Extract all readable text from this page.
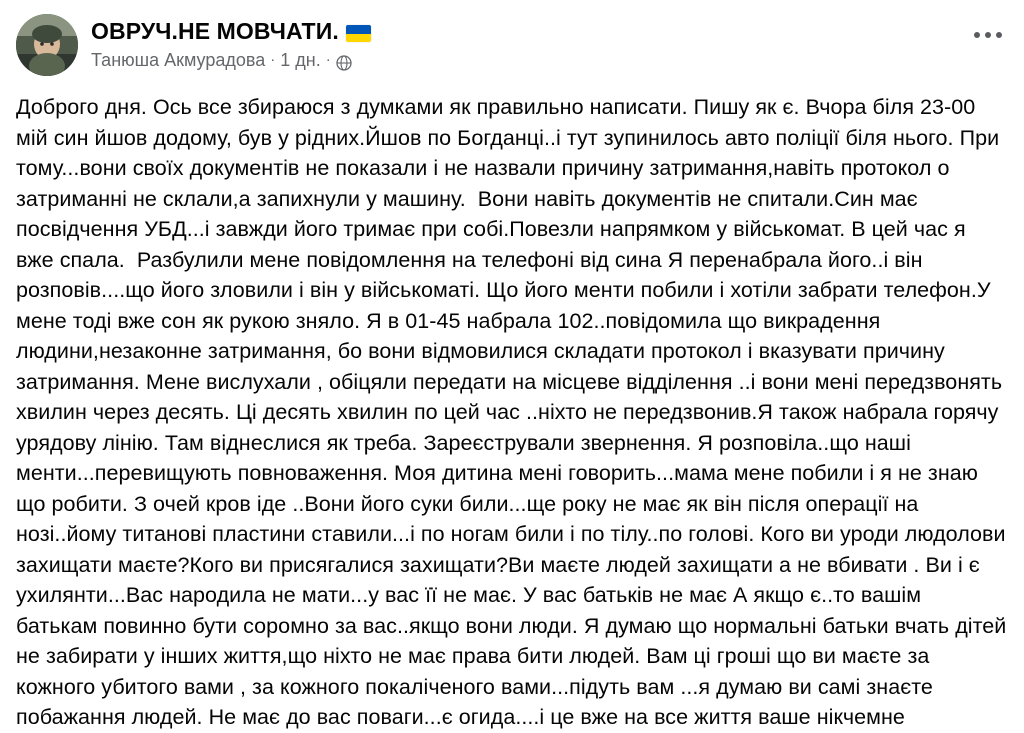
ОВРУЧ.НЕ МОВЧАТИ.
Танюша Акмурадова · 1 дн. ·
Доброго дня. Ось все збираюся з думками як правильно написати. Пишу як є. Вчора біля 23-00 мій син йшов додому, був у рідних.Йшов по Богданці..і тут зупинилось авто поліції біля нього. При тому...вони своїх документів не показали і не назвали причину затримання,навіть протокол о затриманні не склали,а запихнули у машину.  Вони навіть документів не спитали.Син має посвідчення УБД...і завжди його тримає при собі.Повезли напрямком у військомат. В цей час я вже спала.  Разбулили мене повідомлення на телефоні від сина Я перенабрала його..і він розповів....що його зловили і він у військоматі. Що його менти побили і хотіли забрати телефон.У мене тоді вже сон як рукою зняло. Я в 01-45 набрала 102..повідомила що викрадення людини,незаконне затримання, бо вони відмовилися складати протокол і вказувати причину затримання. Мене вислухали , обіцяли передати на місцеве відділення ..і вони мені передзвонять хвилин через десять. Ці десять хвилин по цей час ..ніхто не передзвонив.Я також набрала горячу урядову лінію. Там віднеслися як треба. Зареєстрували звернення. Я розповіла..що наші менти...перевищують повноваження. Моя дитина мені говорить...мама мене побили і я не знаю що робити. З очей кров іде ..Вони його суки били...ще року не має як він після операції на нозі..йому титанові пластини ставили...і по ногам били і по тілу..по голові. Кого ви уроди людолови захищати маєте?Кого ви присягалися захищати?Ви маєте людей захищати а не вбивати . Ви і є ухилянти...Вас народила не мати...у вас її не має. У вас батьків не має А якщо є..то вашім батькам повинно бути соромно за вас..якщо вони люди. Я думаю що нормальні батьки вчать дітей не забирати у інших життя,що ніхто не має права бити людей. Вам ці гроші що ви маєте за кожного убитого вами , за кожного покаліченого вами...підуть вам ...я думаю ви самі знаєте побажання людей. Не має до вас поваги...є огида....і це вже на все життя ваше нікчемне
